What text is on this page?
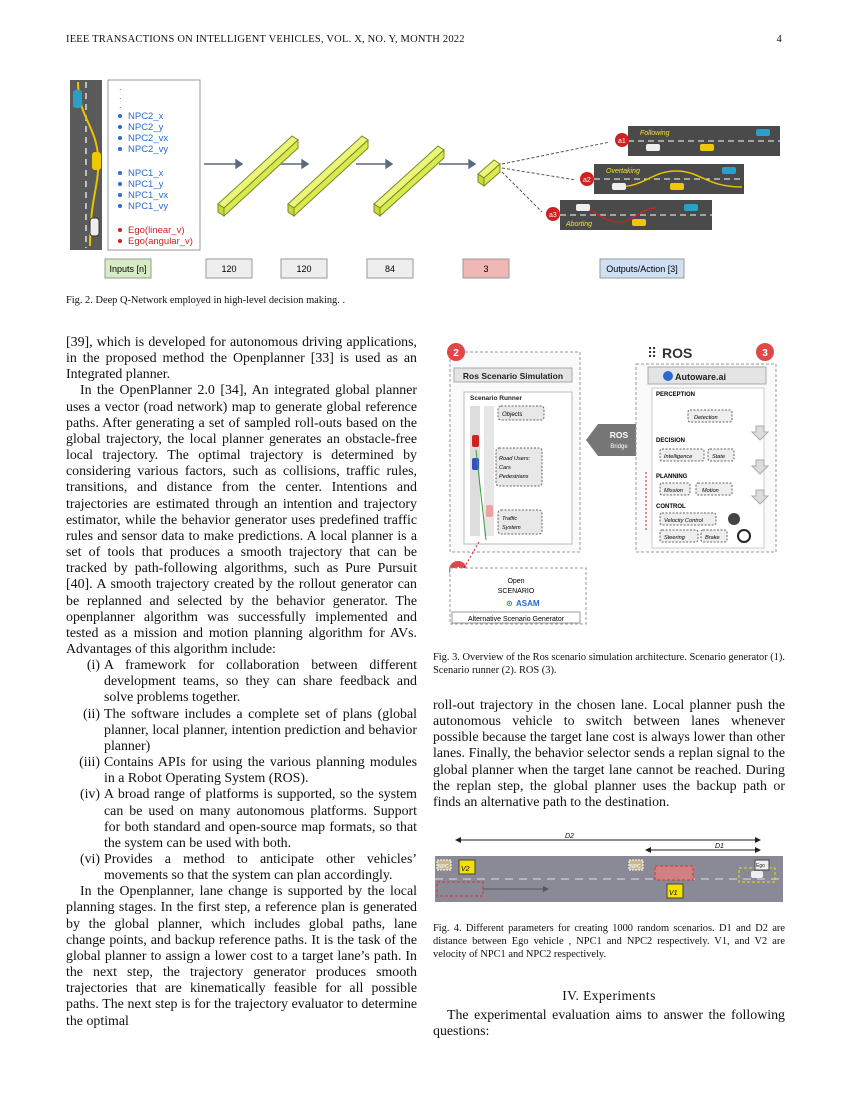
IEEE TRANSACTIONS ON INTELLIGENT VEHICLES, VOL. X, NO. Y, MONTH 2022	4
.
.
.
NPC2_x
NPC2_y
NPC2_vx
NPC2_vy
NPC1_x
NPC1_y
NPC1_vx
NPC1_vy
Ego(linear_v)
Ego(angular_v)
Following
a1
Overtaking
a2
Aborting
a3
Inputs [n]	120	120	84	3	Outputs/Action [3]
Fig. 2. Deep Q-Network employed in high-level decision making. .

[39], which is developed for autonomous driving applications, in the proposed method the Openplanner [33] is used as an Integrated planner.

In the OpenPlanner 2.0 [34], An integrated global planner uses a vector (road network) map to generate global reference paths. After generating a set of sampled roll-outs based on the global trajectory, the local planner generates an obstacle-free local trajectory. The optimal trajectory is determined by considering various factors, such as collisions, traffic rules, transitions, and distance from the center. Intentions and trajectories are estimated through an intention and trajectory estimator, while the behavior generator uses predefined traffic rules and sensor data to make predictions. A local planner is a set of tools that produces a smooth trajectory that can be tracked by path-following algorithms, such as Pure Pursuit [40]. A smooth trajectory created by the rollout generator can be replanned and selected by the behavior generator. The openplanner algorithm was successfully implemented and tested as a mission and motion planning algorithm for AVs. Advantages of this algorithm include:

(i) A framework for collaboration between different development teams, so they can share feedback and solve problems together.
(ii) The software includes a complete set of plans (global planner, local planner, intention prediction and behavior planner)
(iii) Contains APIs for using the various planning modules in a Robot Operating System (ROS).
(iv) A broad range of platforms is supported, so the system can be used on many autonomous platforms. Support for both standard and open-source map formats, so that the system can be used with both.
(vi) Provides a method to anticipate other vehicles’ movements so that the system can plan accordingly.

In the Openplanner, lane change is supported by the local planning stages. In the first step, a reference plan is generated by the global planner, which includes global paths, lane change points, and backup reference paths. It is the task of the global planner to assign a lower cost to a target lane’s path. In the next step, the trajectory generator produces smooth trajectories that are kinematically feasible for all possible paths. The next step is for the trajectory evaluator to determine the optimal

Ros Scenario Simulation
Scenario Runner
Objects
Road Users:
Cars
Pedestrians
Traffic
System
2	3
ROS
Bridge
⠿ ROS
Autoware.ai
PERCEPTION
Detection
DECISION
Intelligence	State
PLANNING
Mission	Motion
CONTROL
Velocity Control
Steering	Brake
Open
SCENARIO
⊙ ASAM
Alternative Scenario Generator
Fig. 3. Overview of the Ros scenario simulation architecture. Scenario generator (1). Scenario runner (2). ROS (3).

roll-out trajectory in the chosen lane. Local planner push the autonomous vehicle to switch between lanes whenever possible because the target lane cost is always lower than other lanes. Finally, the behavior selector sends a replan signal to the global planner when the target lane cannot be reached. During the replan step, the global planner uses the backup path or finds an alternative path to the destination.

D2
D1
NPC	NPC
V2
V1
Ego
Fig. 4. Different parameters for creating 1000 random scenarios. D1 and D2 are distance between Ego vehicle , NPC1 and NPC2 respectively. V1, and V2 are velocity of NPC1 and NPC2 respectively.
IV. Experiments

The experimental evaluation aims to answer the following questions:
